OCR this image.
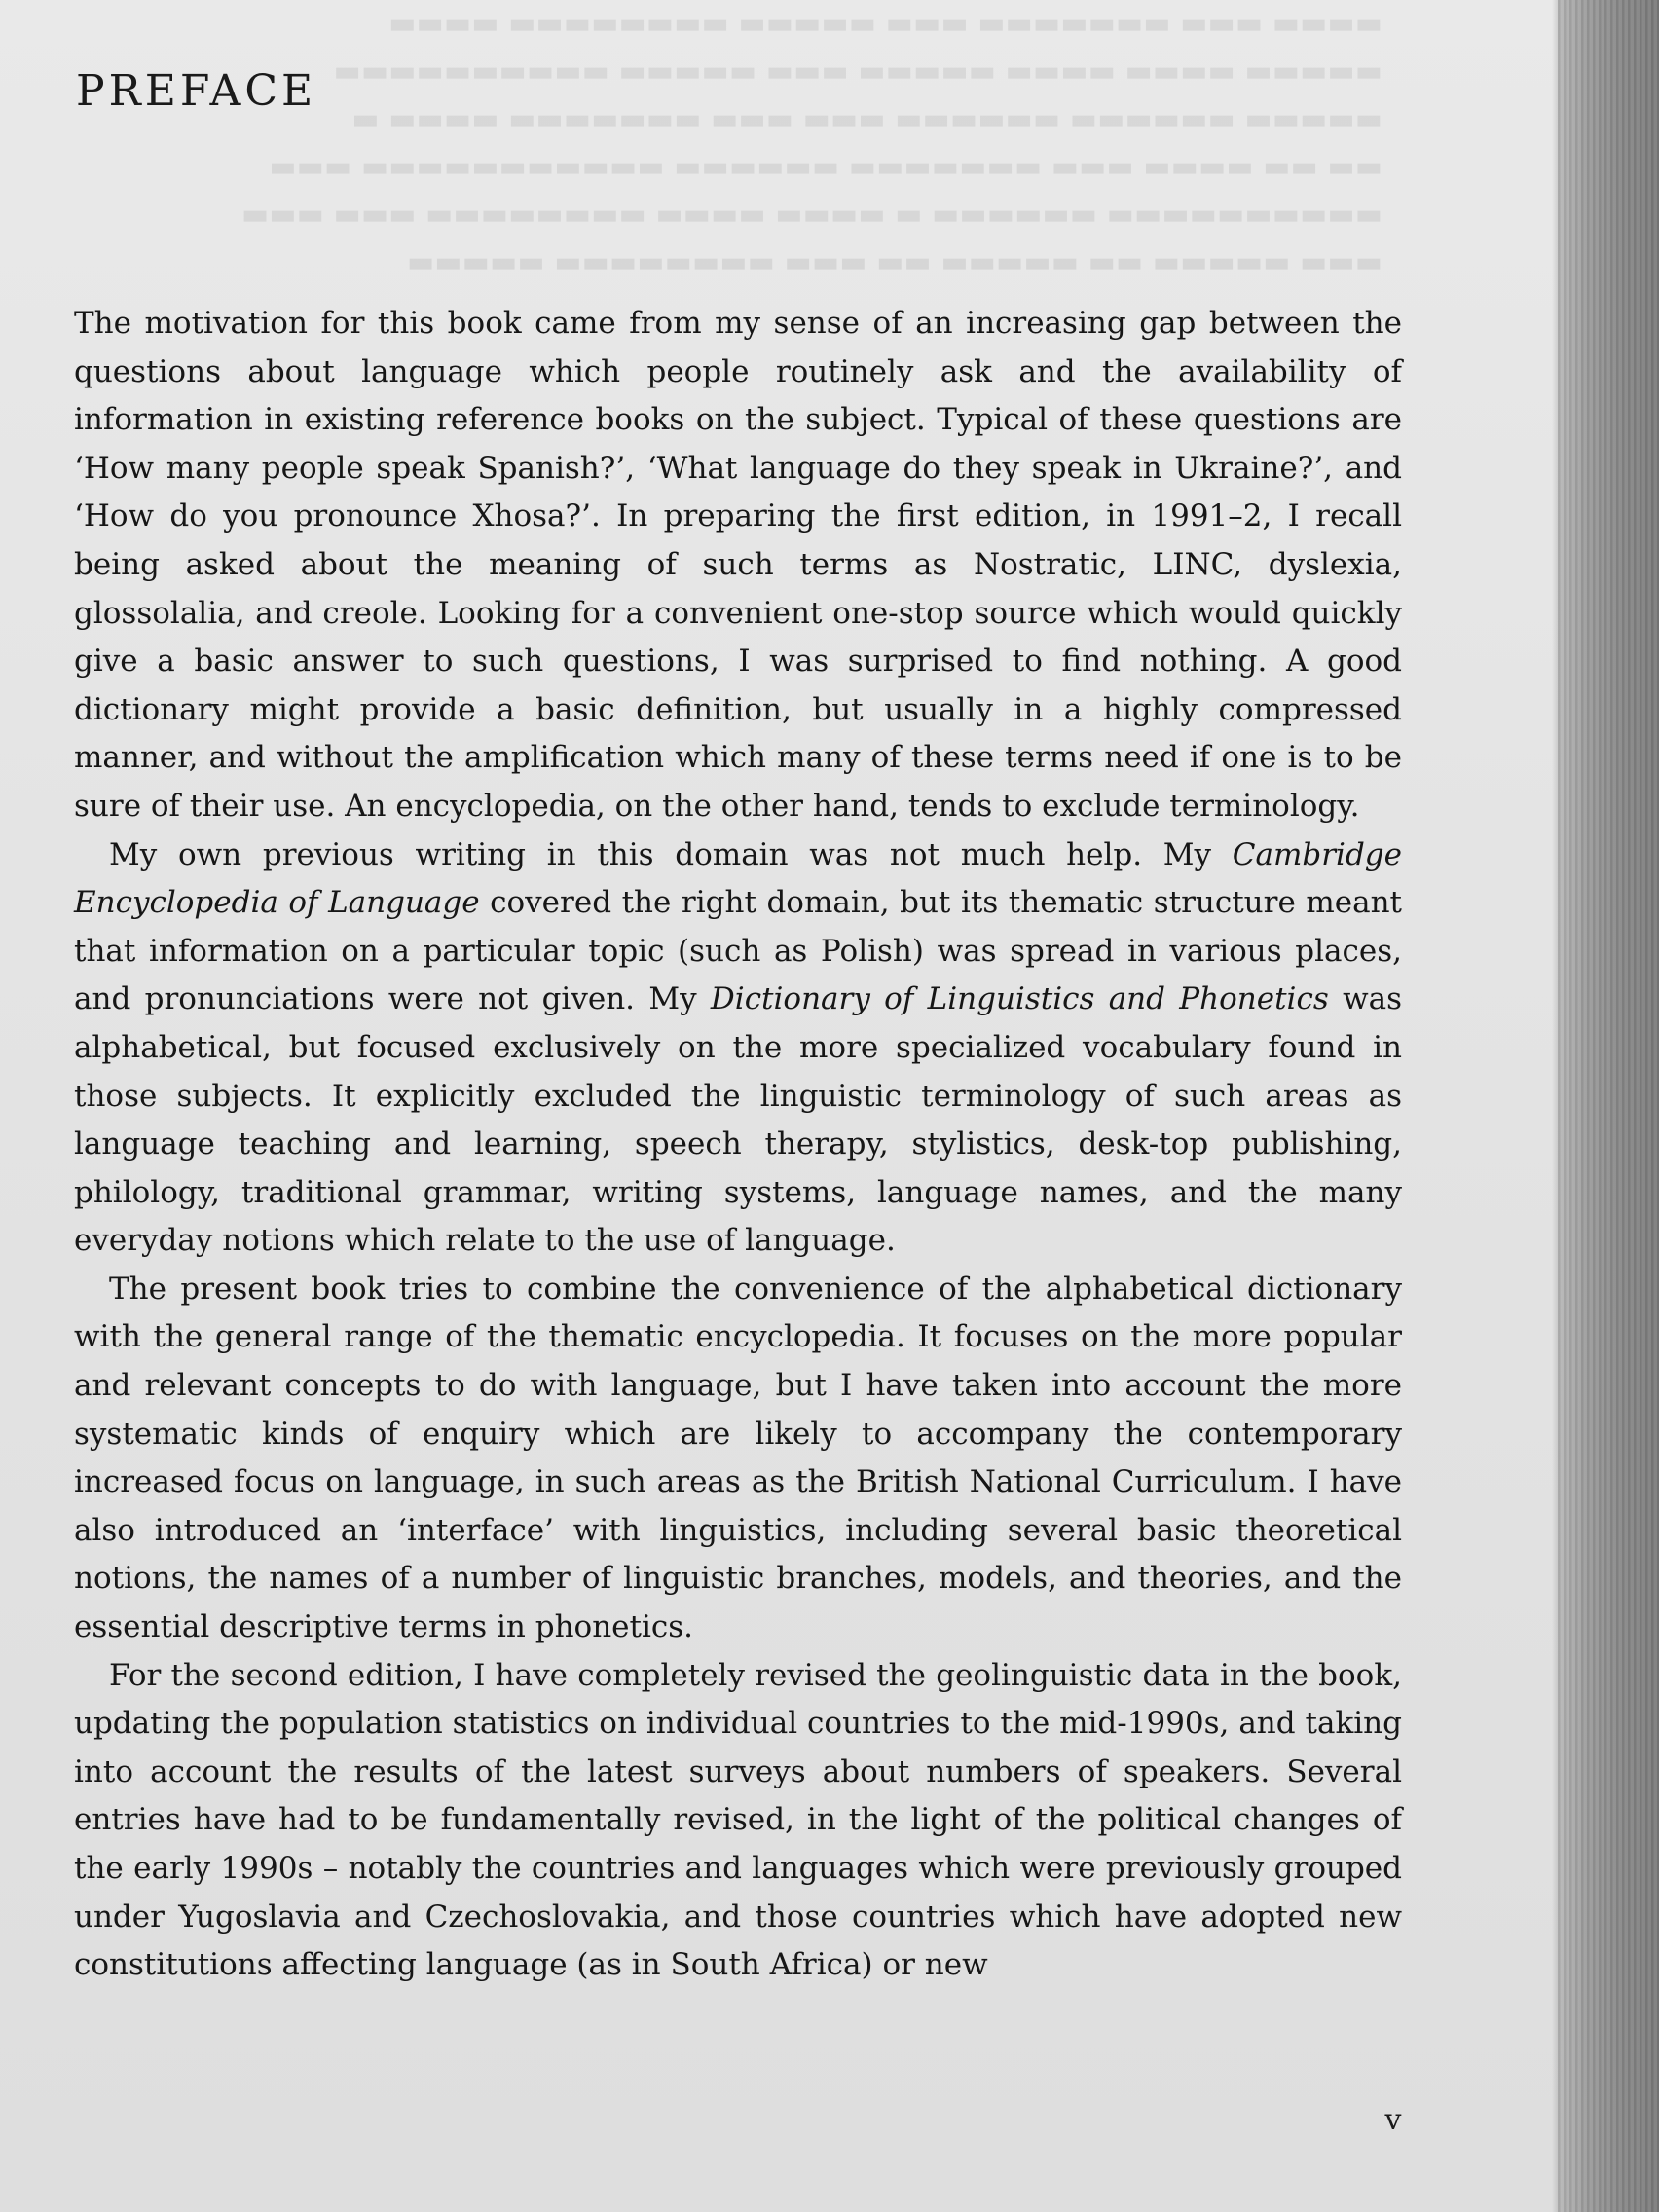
▬▬▬▬ ▬▬▬ ▬▬▬▬▬▬▬ ▬▬▬ ▬▬▬▬▬ ▬▬▬▬▬▬▬▬ ▬▬▬▬
▬▬▬▬▬ ▬▬▬▬ ▬▬▬▬ ▬▬▬▬▬ ▬▬▬ ▬▬▬▬▬ ▬▬▬▬▬▬▬▬▬▬
▬▬▬▬▬ ▬▬▬▬▬▬ ▬▬▬▬▬▬ ▬▬▬ ▬▬▬ ▬▬▬▬▬▬▬ ▬▬▬▬ ▬
▬▬ ▬▬ ▬▬▬▬ ▬▬▬ ▬▬▬▬▬▬▬ ▬▬▬▬▬▬ ▬▬▬▬▬▬▬▬▬▬▬ ▬▬▬
▬▬▬▬▬▬▬▬▬▬ ▬▬▬▬▬▬ ▬ ▬▬▬▬ ▬▬▬▬ ▬▬▬▬▬▬▬▬ ▬▬▬ ▬▬▬
▬▬▬ ▬▬▬▬▬ ▬▬ ▬▬▬▬▬ ▬▬ ▬▬▬ ▬▬▬▬▬▬▬▬ ▬▬▬▬▬
PREFACE

The motivation for this book came from my sense of an increasing gap between the questions about language which people routinely ask and the availability of information in existing reference books on the subject. Typical of these questions are ‘How many people speak Spanish?’, ‘What language do they speak in Ukraine?’, and ‘How do you pronounce Xhosa?’. In preparing the first edition, in 1991–2, I recall being asked about the meaning of such terms as Nostratic, LINC, dyslexia, glossolalia, and creole. Looking for a convenient one-stop source which would quickly give a basic answer to such questions, I was surprised to find nothing. A good dictionary might provide a basic definition, but usually in a highly compressed manner, and without the amplification which many of these terms need if one is to be sure of their use. An encyclopedia, on the other hand, tends to exclude terminology.

My own previous writing in this domain was not much help. My Cambridge Encyclopedia of Language covered the right domain, but its thematic structure meant that information on a particular topic (such as Polish) was spread in various places, and pronunciations were not given. My Dictionary of Linguistics and Phonetics was alphabetical, but focused exclusively on the more specialized vocabulary found in those subjects. It explicitly excluded the linguistic terminology of such areas as language teaching and learning, speech therapy, stylistics, desk-top publishing, philology, traditional grammar, writing systems, language names, and the many everyday notions which relate to the use of language.

The present book tries to combine the convenience of the alphabetical dictionary with the general range of the thematic encyclopedia. It focuses on the more popular and relevant concepts to do with language, but I have taken into account the more systematic kinds of enquiry which are likely to accompany the contemporary increased focus on language, in such areas as the British National Curriculum. I have also introduced an ‘interface’ with linguistics, including several basic theoretical notions, the names of a number of linguistic branches, models, and theories, and the essential descriptive terms in phonetics.

For the second edition, I have completely revised the geolinguistic data in the book, updating the population statistics on individual countries to the mid-1990s, and taking into account the results of the latest surveys about numbers of speakers. Several entries have had to be fundamentally revised, in the light of the political changes of the early 1990s – notably the countries and languages which were previously grouped under Yugoslavia and Czechoslovakia, and those countries which have adopted new constitutions affecting language (as in South Africa) or new

v
